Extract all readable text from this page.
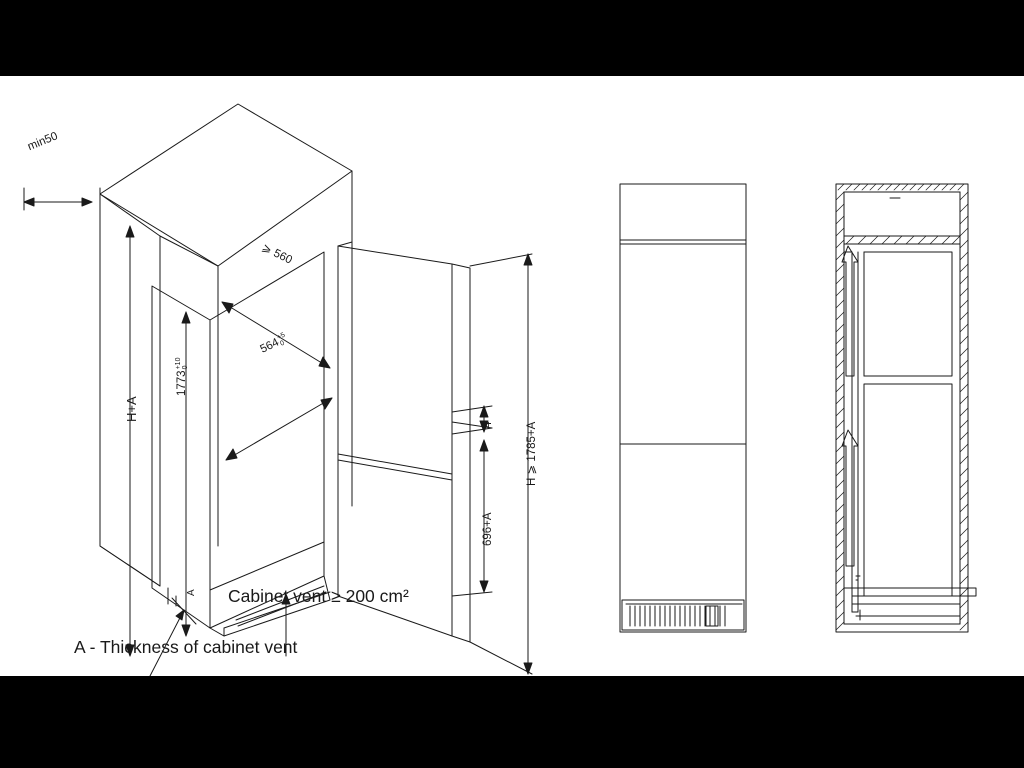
min50
⩾ 560
564+5
0
1773+10
0
H+A
H ⩾ 1785+A
4
696+A
A Cabinet vent ≥ 200 cm²
A - Thickness of cabinet vent
